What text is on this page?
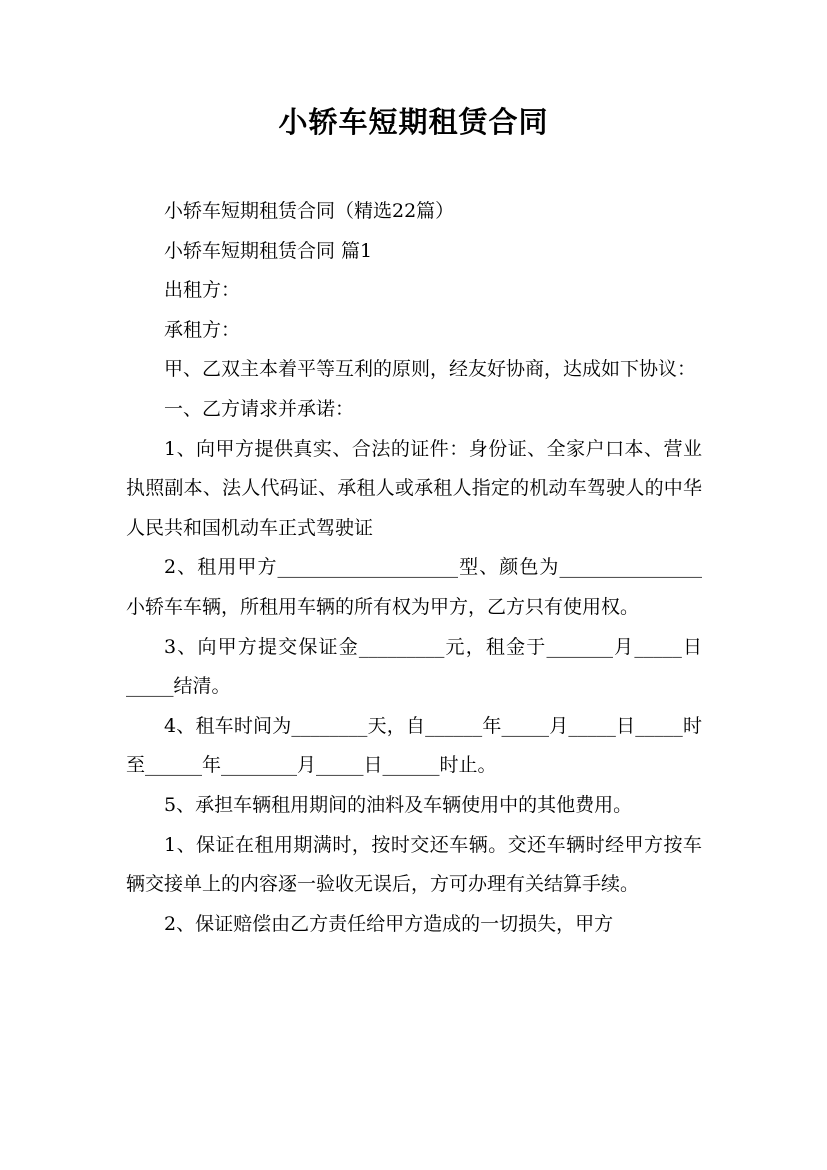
小轿车短期租赁合同

小轿车短期租赁合同（精选22篇）

小轿车短期租赁合同 篇1

出租方：

承租方：

甲、乙双主本着平等互利的原则，经友好协商，达成如下协议：

一、乙方请求并承诺：

1、向甲方提供真实、合法的证件：身份证、全家户口本、营业执照副本、法人代码证、承租人或承租人指定的机动车驾驶人的中华人民共和国机动车正式驾驶证

2、租用甲方___________________型、颜色为_______________小轿车车辆，所租用车辆的所有权为甲方，乙方只有使用权。

3、向甲方提交保证金_________元，租金于_______月_____日_____结清。

4、租车时间为________天，自______年_____月_____日_____时至______年________月_____日______时止。

5、承担车辆租用期间的油料及车辆使用中的其他费用。

1、保证在租用期满时，按时交还车辆。交还车辆时经甲方按车辆交接单上的内容逐一验收无误后，方可办理有关结算手续。

2、保证赔偿由乙方责任给甲方造成的一切损失，甲方
